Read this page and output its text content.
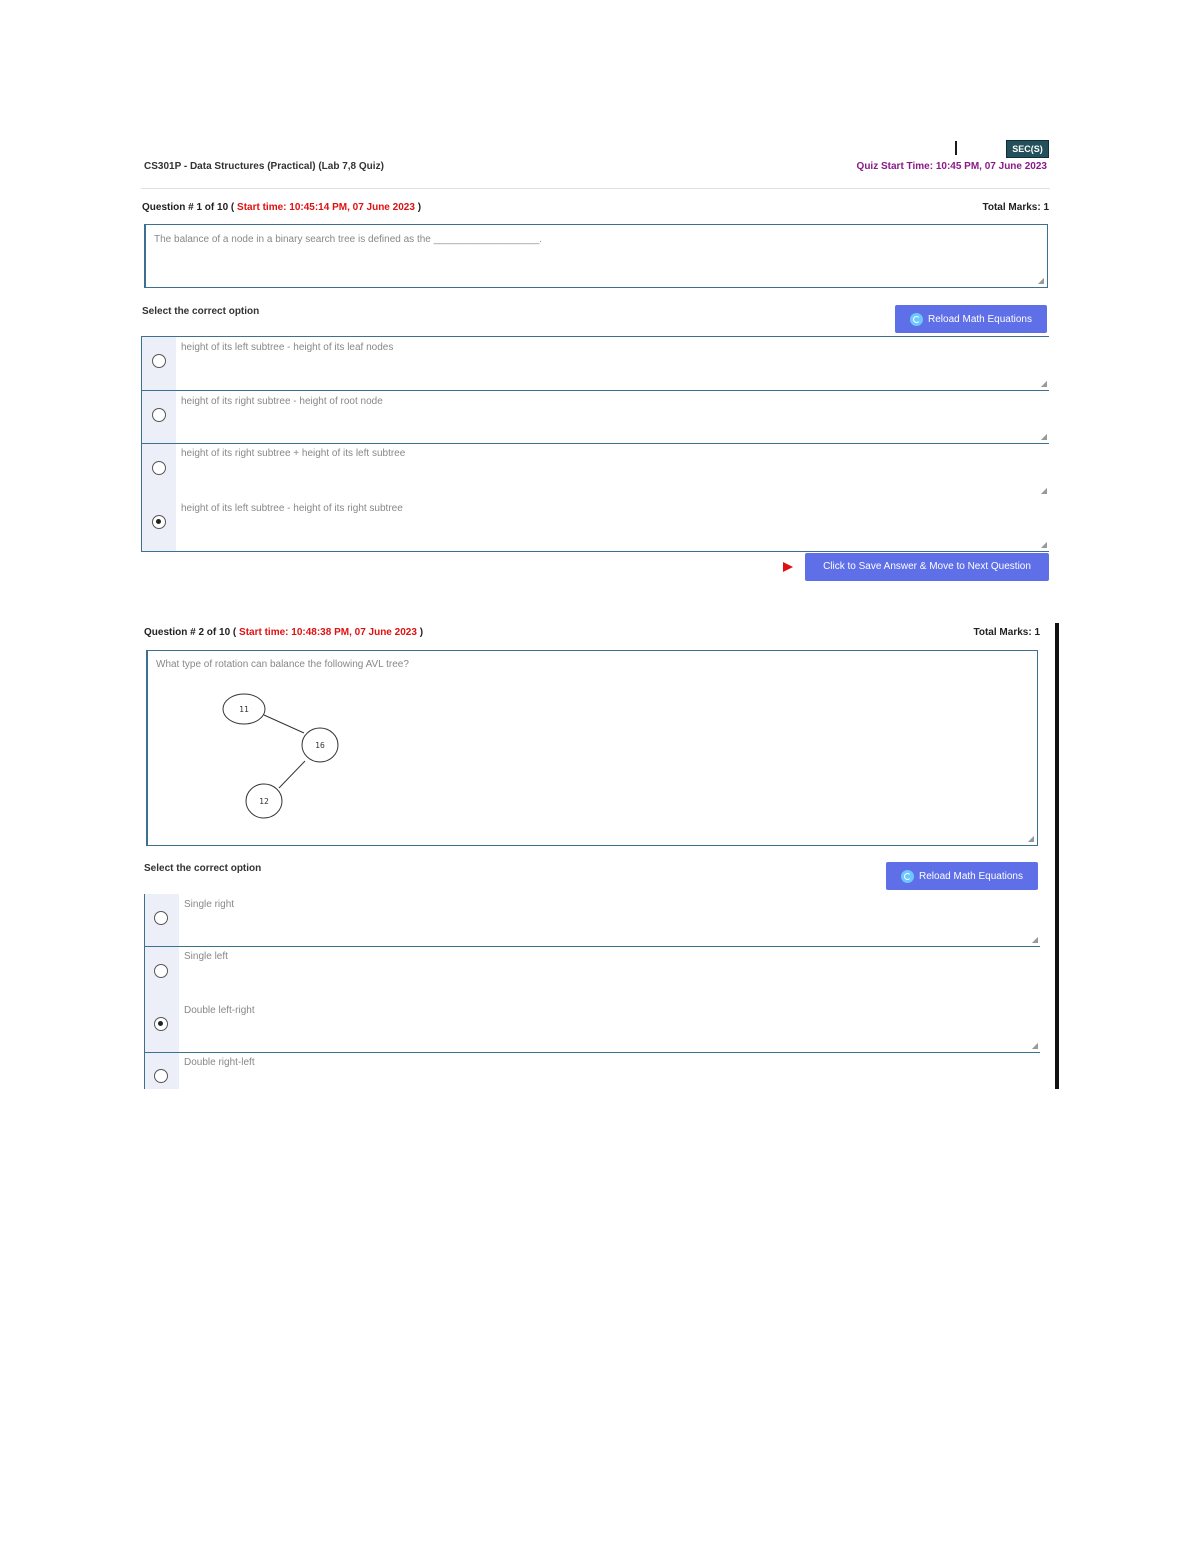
SEC(S)
CS301P - Data Structures (Practical) (Lab 7,8 Quiz)	Quiz Start Time: 10:45 PM, 07 June 2023
Question # 1 of 10 ( Start time: 10:45:14 PM, 07 June 2023 )	Total Marks: 1
The balance of a node in a binary search tree is defined as the ___________________.
◢
Select the correct option
Reload Math Equations
height of its left subtree - height of its leaf nodes
◢
height of its right subtree - height of root node
◢
height of its right subtree + height of its left subtree
height of its left subtree - height of its right subtree
◢
◢
Click to Save Answer & Move to Next Question
Question # 2 of 10 ( Start time: 10:48:38 PM, 07 June 2023 )	Total Marks: 1
What type of rotation can balance the following AVL tree?
11
16
12
◢
Select the correct option
Reload Math Equations
Single right
◢
Single left
Double left-right
◢
Double right-left
